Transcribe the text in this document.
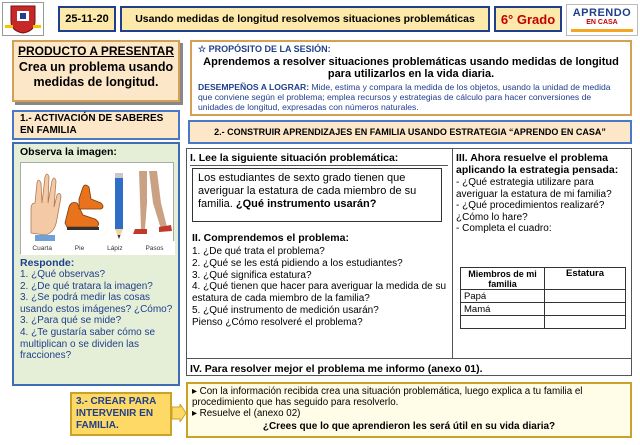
25-11-20	Usando medidas de longitud resolvemos situaciones problemáticas 6° Grado	APRENDO
EN CASA
PRODUCTO A PRESENTAR
Crea un problema usando medidas de longitud.
☆ PROPÓSITO DE LA SESIÓN:
Aprendemos a resolver situaciones problemáticas usando medidas de longitud para utilizarlos en la vida diaria.
DESEMPEÑOS A LOGRAR: Mide, estima y compara la medida de los objetos, usando la unidad de medida que conviene según el problema; emplea recursos y estrategias de cálculo para hacer conversiones de unidades de longitud, expresadas con números naturales.
1.- ACTIVACIÓN DE SABERES EN FAMILIA
Observa la imagen:
Cuarta	Pie	Lápiz	Pasos
Responde:
1. ¿Qué observas?
2. ¿De qué tratara la imagen?
3. ¿Se podrá medir las cosas usando estos imágenes? ¿Cómo?
3. ¿Para qué se mide?
4. ¿Te gustaría saber cómo se multiplican o se dividen las fracciones?
2.- CONSTRUIR APRENDIZAJES EN FAMILIA USANDO ESTRATEGIA “APRENDO EN CASA”
I. Lee la siguiente situación problemática:
Los estudiantes de sexto grado tienen que averiguar la estatura de cada miembro de su familia. ¿Qué instrumento usarán?
II. Comprendemos el problema:
1. ¿De qué trata el problema?
2. ¿Qué se les está pidiendo a los estudiantes?
3. ¿Qué significa estatura?
4. ¿Qué tienen que hacer para averiguar la medida de su estatura de cada miembro de la familia?
5. ¿Qué instrumento de medición usarán?
Pienso ¿Cómo resolveré el problema?
III. Ahora resuelve el problema aplicando la estrategia pensada:
- ¿Qué estrategia utilizare para averiguar la estatura de mi familia?
- ¿Qué procedimientos realizaré? ¿Cómo lo hare?
- Completa el cuadro:
Miembros de mi familia	Estatura
Papá	
Mamá	

IV. Para resolver mejor el problema me informo (anexo 01).
3.- CREAR PARA INTERVENIR EN FAMILIA.
▸ Con la información recibida crea una situación problemática, luego explica a tu familia el procedimiento que has seguido para resolverlo.
▸ Resuelve el (anexo 02)
¿Crees que lo que aprendieron les será útil en su vida diaria?
